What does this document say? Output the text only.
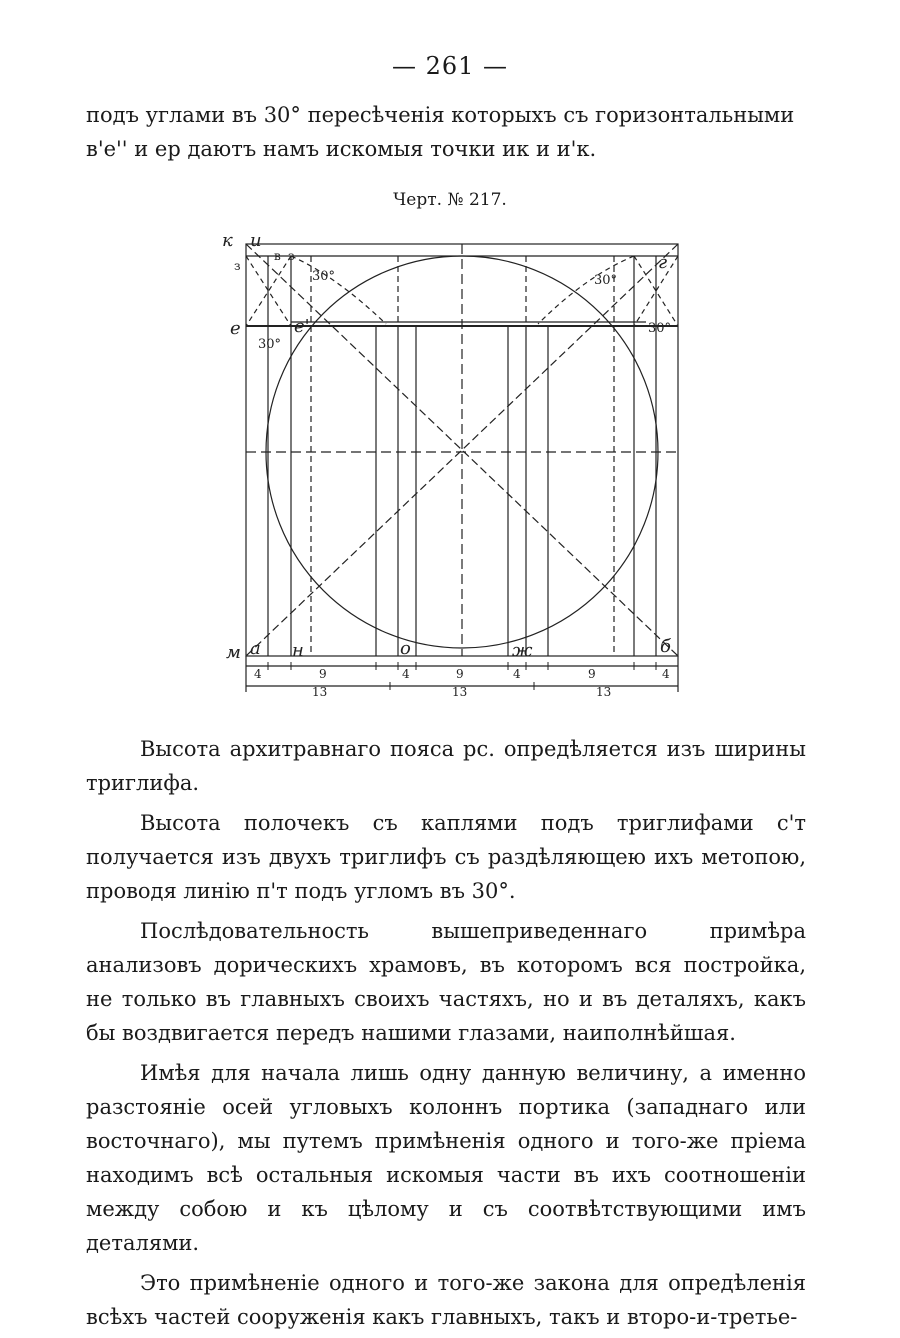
— 261 —
подъ углами въ 30° пересѣченія которыхъ съ горизонтальными
в'е'' и ер даютъ намъ искомыя точки ик и и'к.
Черт. № 217.
к и
з
в з
30°	30°
г
е	е'
30°
30°
м а н	о	ж	б
4	9	4	9	4	9	4
13	13	13

Высота архитравнаго пояса рс. опредѣляется изъ ширины триглифа.

Высота полочекъ съ каплями подъ триглифами с'т получается изъ двухъ триглифъ съ раздѣляющею ихъ метопою, проводя линію п'т подъ угломъ въ 30°.

Послѣдовательность вышеприведеннаго примѣра анализовъ дорическихъ храмовъ, въ которомъ вся постройка, не только въ главныхъ своихъ частяхъ, но и въ деталяхъ, какъ бы воздвигается передъ нашими глазами, наиполнѣйшая.

Имѣя для начала лишь одну данную величину, а именно разстояніе осей угловыхъ колоннъ портика (западнаго или восточнаго), мы путемъ примѣненія одного и того-же пріема находимъ всѣ остальныя искомыя части въ ихъ соотношеніи между собою и къ цѣлому и съ соотвѣтствующими имъ деталями.

Это примѣненіе одного и того-же закона для опредѣленія всѣхъ частей сооруженія какъ главныхъ, такъ и второ-и-третье-
